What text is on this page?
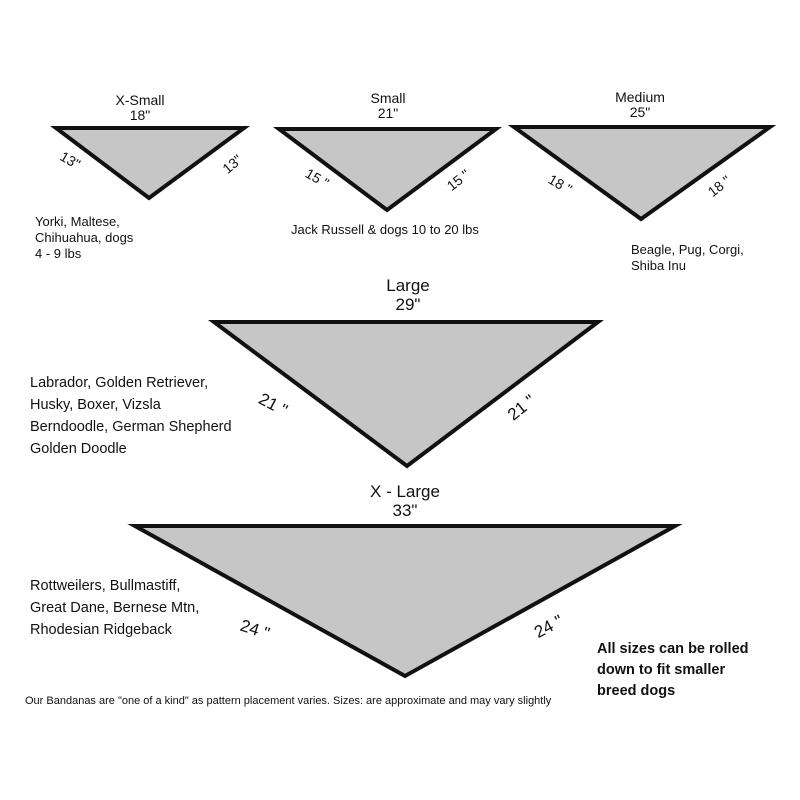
X-Small
18"
13"	13"
Yorki, Maltese,
Chihuahua, dogs
4 - 9 lbs
Small
21"
15 "	15 "
Jack Russell & dogs 10 to 20 lbs
Medium
25"
18 "	18 "
Beagle, Pug, Corgi,
Shiba Inu
Large
29"
21 "	21 "
Labrador, Golden Retriever,
Husky, Boxer, Vizsla
Berndoodle, German Shepherd
Golden Doodle
X - Large
33"
24 "	24 "
Rottweilers, Bullmastiff,
Great Dane, Bernese Mtn,
Rhodesian Ridgeback
All sizes can be rolled
down to fit smaller
breed dogs
Our Bandanas are "one of a kind" as pattern placement varies. Sizes: are approximate and may vary slightly
